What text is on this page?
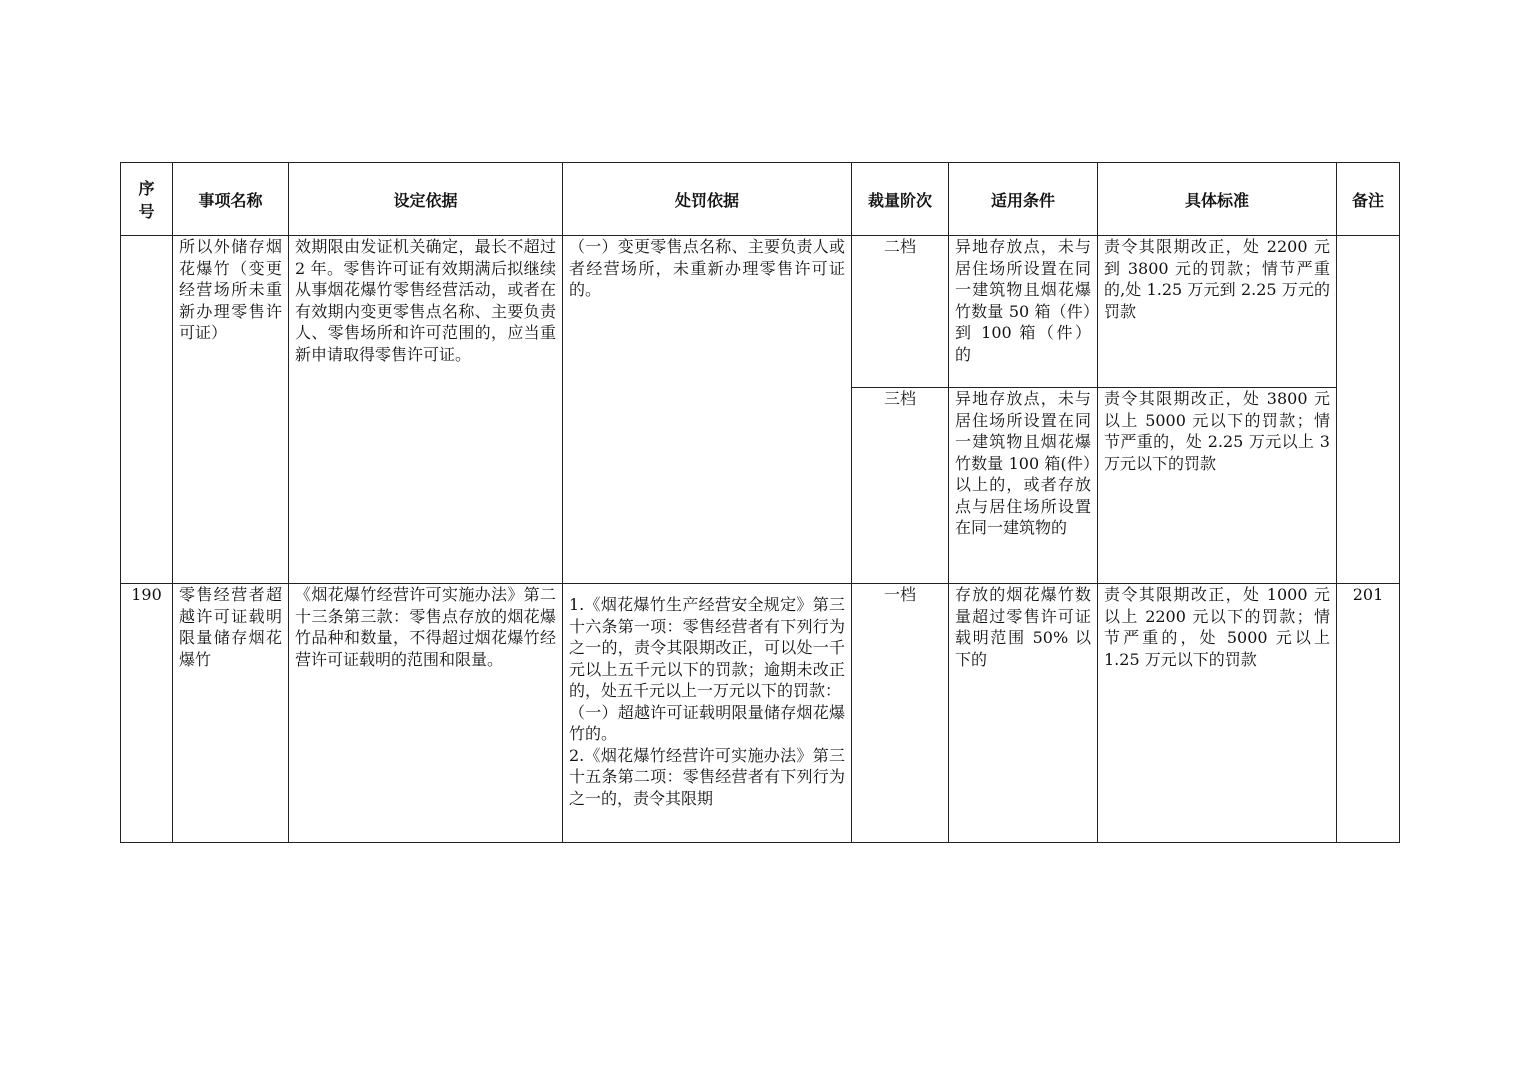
序
号	事项名称	设定依据	处罚依据	裁量阶次	适用条件	具体标准	备注
	所以外储存烟花爆竹（变更经营场所未重新办理零售许可证）	效期限由发证机关确定，最长不超过 2 年。零售许可证有效期满后拟继续从事烟花爆竹零售经营活动，或者在有效期内变更零售点名称、主要负责人、零售场所和许可范围的，应当重新申请取得零售许可证。	（一）变更零售点名称、主要负责人或者经营场所，未重新办理零售许可证的。	二档	异地存放点，未与居住场所设置在同一建筑物且烟花爆竹数量 50 箱（件）到 100 箱（件）的	责令其限期改正，处 2200 元到 3800 元的罚款；情节严重的,处 1.25 万元到 2.25 万元的罚款	
				三档	异地存放点，未与居住场所设置在同一建筑物且烟花爆竹数量 100 箱(件）以上的，或者存放点与居住场所设置在同一建筑物的	责令其限期改正，处 3800 元以上 5000 元以下的罚款；情节严重的，处 2.25 万元以上 3 万元以下的罚款	
190	零售经营者超越许可证载明限量储存烟花爆竹	《烟花爆竹经营许可实施办法》第二十三条第三款：零售点存放的烟花爆竹品种和数量，不得超过烟花爆竹经营许可证载明的范围和限量。	1.《烟花爆竹生产经营安全规定》第三十六条第一项：零售经营者有下列行为之一的，责令其限期改正，可以处一千元以上五千元以下的罚款；逾期未改正的，处五千元以上一万元以下的罚款：
（一）超越许可证载明限量储存烟花爆竹的。
2.《烟花爆竹经营许可实施办法》第三十五条第二项：零售经营者有下列行为之一的，责令其限期	一档	存放的烟花爆竹数量超过零售许可证载明范围 50% 以下的	责令其限期改正，处 1000 元以上 2200 元以下的罚款；情节严重的，处 5000 元以上 1.25 万元以下的罚款	201
